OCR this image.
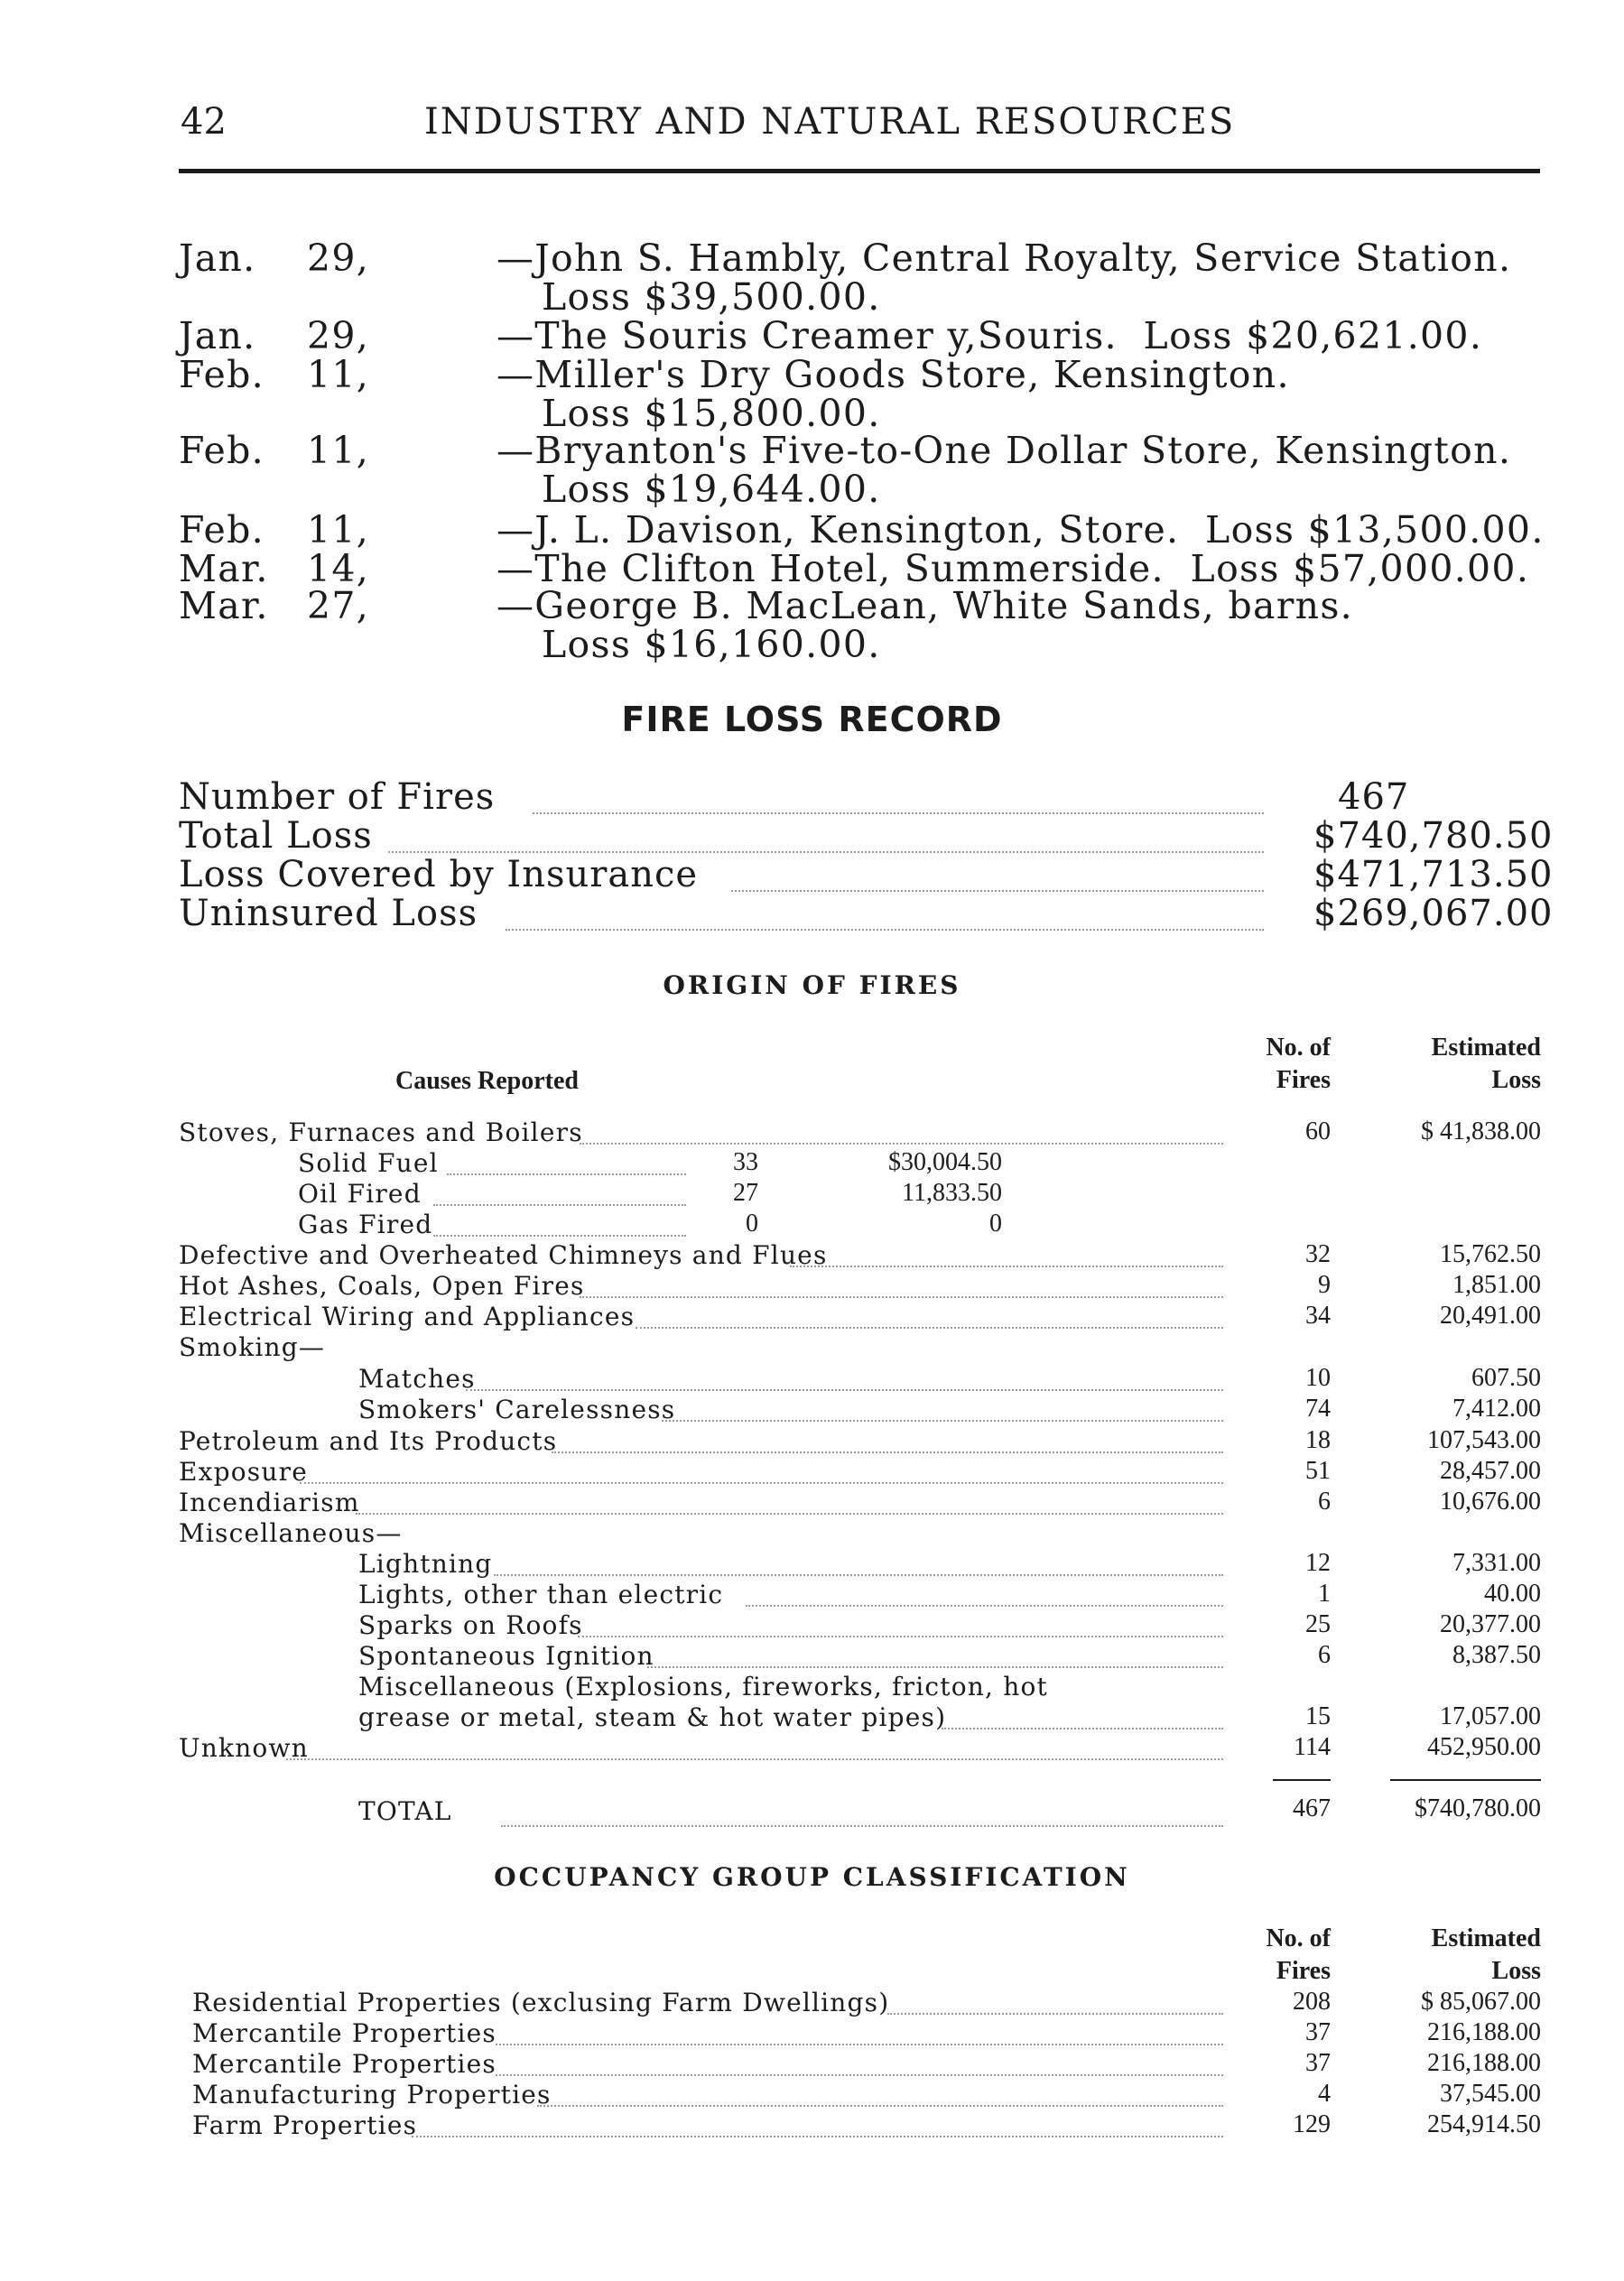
42	INDUSTRY AND NATURAL RESOURCES
Jan. 29,	—John S. Hambly, Central Royalty, Service Station.
Loss $39,500.00.
Jan. 29,	—The Souris Creamer y,Souris.  Loss $20,621.00.
Feb. 11,	—Miller's Dry Goods Store, Kensington.
Loss $15,800.00.
Feb. 11,	—Bryanton's Five-to-One Dollar Store, Kensington.
Loss $19,644.00.
Feb. 11,	—J. L. Davison, Kensington, Store.  Loss $13,500.00.
Mar. 14,	—The Clifton Hotel, Summerside.  Loss $57,000.00.
Mar. 27,	—George B. MacLean, White Sands, barns.
Loss $16,160.00.
FIRE LOSS RECORD
Number of Fires	467
Total Loss	$740,780.50
Loss Covered by Insurance	$471,713.50
Uninsured Loss	$269,067.00
ORIGIN OF FIRES
Causes Reported
No. of
Fires
Estimated
Loss
Stoves, Furnaces and Boilers	60	$ 41,838.00
Solid Fuel	33	$30,004.50
Oil Fired	27	11,833.50
Gas Fired	0	0
Defective and Overheated Chimneys and Flues	32	15,762.50
Hot Ashes, Coals, Open Fires	9	1,851.00
Electrical Wiring and Appliances	34	20,491.00
Smoking—
Matches	10	607.50
Smokers' Carelessness	74	7,412.00
Petroleum and Its Products	18	107,543.00
Exposure	51	28,457.00
Incendiarism	6	10,676.00
Miscellaneous—
Lightning	12	7,331.00
Lights, other than electric	1	40.00
Sparks on Roofs	25	20,377.00
Spontaneous Ignition	6	8,387.50
Miscellaneous (Explosions, fireworks, fricton, hot
grease or metal, steam & hot water pipes)	15	17,057.00
Unknown	114	452,950.00
TOTAL	467	$740,780.00
OCCUPANCY GROUP CLASSIFICATION
No. of
Fires
Estimated
Loss
Residential Properties (exclusing Farm Dwellings)	208	$ 85,067.00
Mercantile Properties	37	216,188.00
Mercantile Properties	37	216,188.00
Manufacturing Properties	4	37,545.00
Farm Properties	129	254,914.50
